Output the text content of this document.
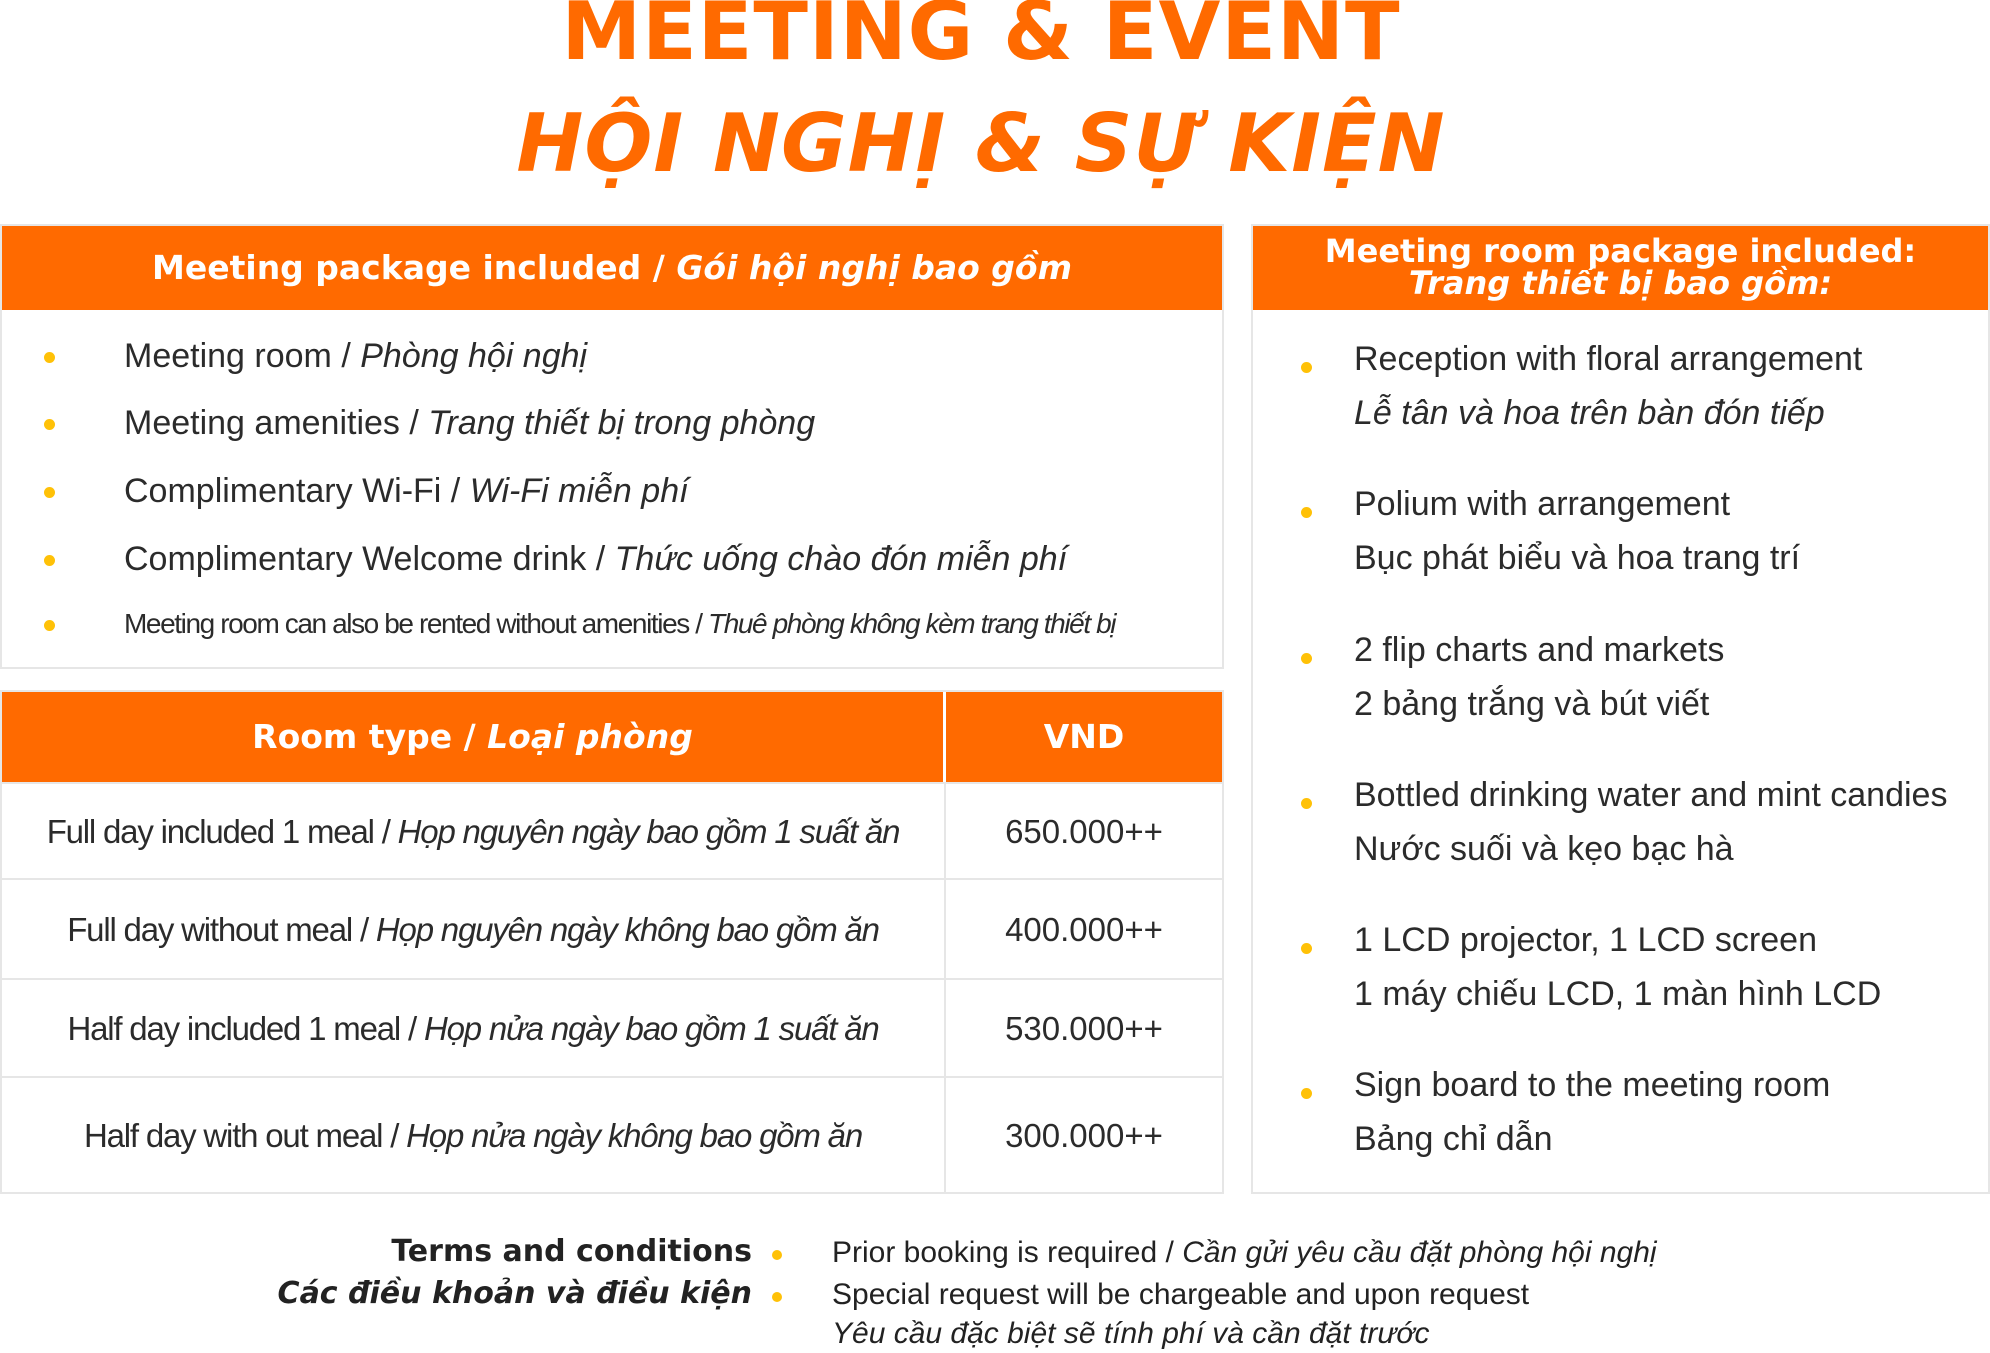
MEETING & EVENT
HỘI NGHỊ & SỰ KIỆN
Meeting package included / Gói hội nghị bao gồm
Meeting room / Phòng hội nghị
Meeting amenities / Trang thiết bị trong phòng
Complimentary Wi-Fi / Wi-Fi miễn phí
Complimentary Welcome drink / Thức uống chào đón miễn phí
Meeting room can also be rented without amenities / Thuê phòng không kèm trang thiết bị
Room type / Loại phòng	VND
Full day included 1 meal / Họp nguyên ngày bao gồm 1 suất ăn	650.000++
Full day without meal / Họp nguyên ngày không bao gồm ăn	400.000++
Half day included 1 meal / Họp nửa ngày bao gồm 1 suất ăn	530.000++
Half day with out meal / Họp nửa ngày không bao gồm ăn	300.000++
Meeting room package included:
Trang thiết bị bao gồm:
Reception with floral arrangement
Lễ tân và hoa trên bàn đón tiếp
Polium with arrangement
Bục phát biểu và hoa trang trí
2 flip charts and markets
2 bảng trắng và bút viết
Bottled drinking water and mint candies
Nước suối và kẹo bạc hà
1 LCD projector, 1 LCD screen
1 máy chiếu LCD, 1 màn hình LCD
Sign board to the meeting room
Bảng chỉ dẫn
Terms and conditions
Các điều khoản và điều kiện
Prior booking is required / Cần gửi yêu cầu đặt phòng hội nghị
Special request will be chargeable and upon request
Yêu cầu đặc biệt sẽ tính phí và cần đặt trước
